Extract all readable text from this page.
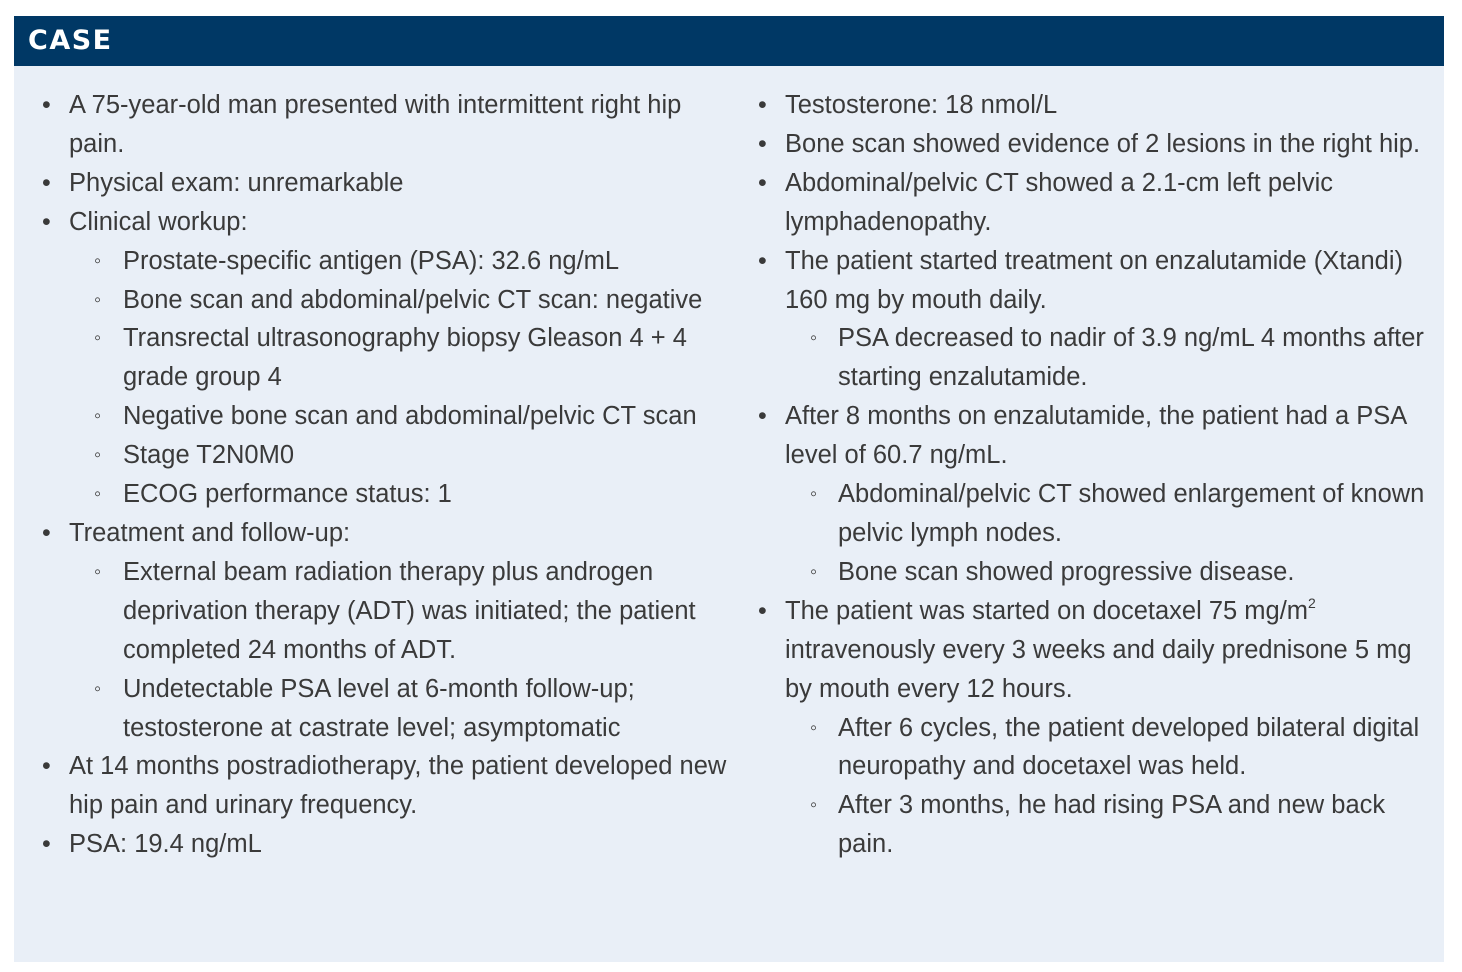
CASE
• A 75-year-old man presented with intermittent right hip pain.
• Physical exam: unremarkable
• Clinical workup:
◦ Prostate-specific antigen (PSA): 32.6 ng/mL
◦ Bone scan and abdominal/pelvic CT scan: negative
◦ Transrectal ultrasonography biopsy Gleason 4 + 4 grade group 4
◦ Negative bone scan and abdominal/pelvic CT scan
◦ Stage T2N0M0
◦ ECOG performance status: 1
• Treatment and follow-up:
◦ External beam radiation therapy plus androgen deprivation therapy (ADT) was initiated; the patient completed 24 months of ADT.
◦ Undetectable PSA level at 6-month follow-up; testosterone at castrate level; asymptomatic
• At 14 months postradiotherapy, the patient developed new hip pain and urinary frequency.
• PSA: 19.4 ng/mL
• Testosterone: 18 nmol/L
• Bone scan showed evidence of 2 lesions in the right hip.
• Abdominal/pelvic CT showed a 2.1-cm left pelvic lymphadenopathy.
• The patient started treatment on enzalutamide (Xtandi) 160 mg by mouth daily.
◦ PSA decreased to nadir of 3.9 ng/mL 4 months after starting enzalutamide.
• After 8 months on enzalutamide, the patient had a PSA level of 60.7 ng/mL.
◦ Abdominal/pelvic CT showed enlargement of known pelvic lymph nodes.
◦ Bone scan showed progressive disease.
• The patient was started on docetaxel 75 $mg/m^2$ intravenously every 3 weeks and daily prednisone 5 mg by mouth every 12 hours.
◦ After 6 cycles, the patient developed bilateral digital neuropathy and docetaxel was held.
◦ After 3 months, he had rising PSA and new back pain.
